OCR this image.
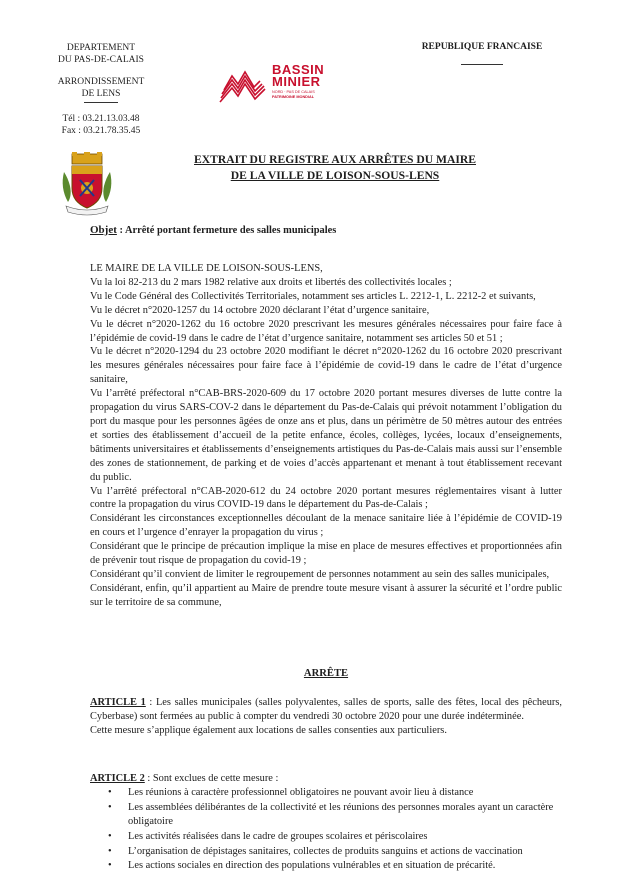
DEPARTEMENT
DU PAS-DE-CALAIS
ARRONDISSEMENT
DE LENS
Tél : 03.21.13.03.48
Fax : 03.21.78.35.45
REPUBLIQUE FRANCAISE
BASSIN
MINIER
NORD · PAS DE CALAIS
PATRIMOINE MONDIAL
EXTRAIT DU REGISTRE AUX ARRÊTES DU MAIRE
DE LA VILLE DE LOISON-SOUS-LENS
Objet : Arrêté portant fermeture des salles municipales

LE MAIRE DE LA VILLE DE LOISON-SOUS-LENS,

Vu la loi 82-213 du 2 mars 1982 relative aux droits et libertés des collectivités locales ;

Vu le Code Général des Collectivités Territoriales, notamment ses articles L. 2212-1, L. 2212-2 et suivants,

Vu le décret n°2020-1257 du 14 octobre 2020 déclarant l’état d’urgence sanitaire,

Vu le décret n°2020-1262 du 16 octobre 2020 prescrivant les mesures générales nécessaires pour faire face à l’épidémie de covid-19 dans le cadre de l’état d’urgence sanitaire, notamment ses articles 50 et 51 ;

Vu le décret n°2020-1294 du 23 octobre 2020 modifiant le décret n°2020-1262 du 16 octobre 2020 prescrivant les mesures générales nécessaires pour faire face à l’épidémie de covid-19 dans le cadre de l’état d’urgence sanitaire,

Vu l’arrêté préfectoral n°CAB-BRS-2020-609 du 17 octobre 2020 portant mesures diverses de lutte contre la propagation du virus SARS-COV-2 dans le département du Pas-de-Calais qui prévoit notamment l’obligation du port du masque pour les personnes âgées de onze ans et plus, dans un périmètre de 50 mètres autour des entrées et sorties des établissement d’accueil de la petite enfance, écoles, collèges, lycées, locaux d’enseignements, bâtiments universitaires et établissements d’enseignements artistiques du Pas-de-Calais mais aussi sur l’ensemble des zones de stationnement, de parking et de voies d’accès appartenant et menant à tout établissement recevant du public.

Vu l’arrêté préfectoral n°CAB-2020-612 du 24 octobre 2020 portant mesures réglementaires visant à lutter contre la propagation du virus COVID-19 dans le département du Pas-de-Calais ;

Considérant les circonstances exceptionnelles découlant de la menace sanitaire liée à l’épidémie de COVID-19 en cours et l’urgence d’enrayer la propagation du virus ;

Considérant que le principe de précaution implique la mise en place de mesures effectives et proportionnées afin de prévenir tout risque de propagation du covid-19 ;

Considérant qu’il convient de limiter le regroupement de personnes notamment au sein des salles municipales,

Considérant, enfin, qu’il appartient au Maire de prendre toute mesure visant à assurer la sécurité et l’ordre public sur le territoire de sa commune,

ARRÊTE

ARTICLE 1 : Les salles municipales (salles polyvalentes, salles de sports, salle des fêtes, local des pêcheurs, Cyberbase) sont fermées au public à compter du vendredi 30 octobre 2020 pour une durée indéterminée.

Cette mesure s’applique également aux locations de salles consenties aux particuliers.

ARTICLE 2 : Sont exclues de cette mesure :

• Les réunions à caractère professionnel obligatoires ne pouvant avoir lieu à distance
• Les assemblées délibérantes de la collectivité et les réunions des personnes morales ayant un caractère obligatoire
• Les activités réalisées dans le cadre de groupes scolaires et périscolaires
• L’organisation de dépistages sanitaires, collectes de produits sanguins et actions de vaccination
• Les actions sociales en direction des populations vulnérables et en situation de précarité.
